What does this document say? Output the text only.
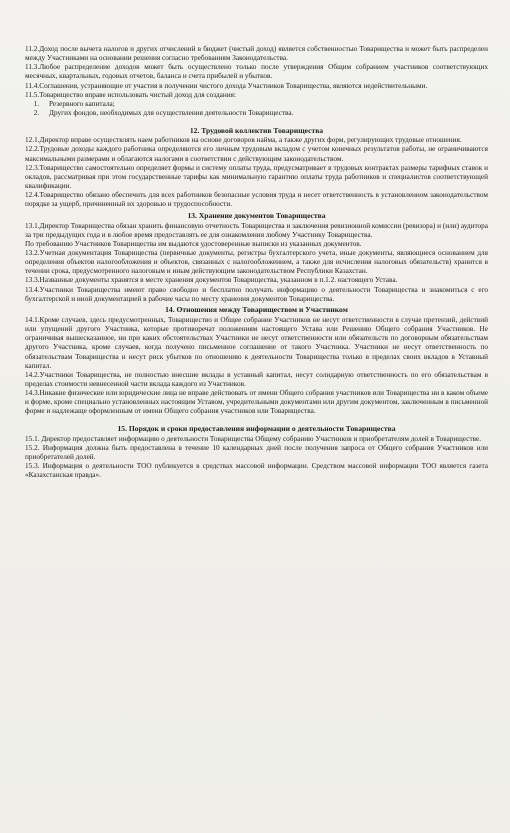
11.2.Доход после вычета налогов и других отчислений в бюджет (чистый доход) является собственностью Товарищества и может быть распределен между Участниками на основании решения согласно требованиям Законодательства.

11.3.Любое распределение доходов может быть осуществлено только после утверждения Общим собранием участников соответствующих месячных, квартальных, годовых отчетов, баланса и счета прибылей и убытков.

11.4.Соглашения, устраняющие от участия в получении чистого дохода Участников Товарищества, являются недействительными.

11.5.Товарищество вправе использовать чистый доход для создания:

1. Резервного капитала;
2. Других фондов, необходимых для осуществления деятельности Товарищества.
12. Трудовой коллектив Товарищества

12.1.Директор вправе осуществлять наем работников на основе договоров найма, а также других форм, регулирующих трудовые отношения.

12.2.Трудовые доходы каждого работника определяются его личным трудовым вкладом с учетом конечных результатов работы, не ограничиваются максимальными размерами и облагаются налогами в соответствии с действующим законодательством.

12.3.Товарищество самостоятельно определяет формы и систему оплаты труда, предусматривает в трудовых контрактах размеры тарифных ставок и окладов, рассматривая при этом государственные тарифы как минимальную гарантию оплаты труда работников и специалистов соответствующей квалификации.

12.4.Товарищество обязано обеспечить для всех работников безопасные условия труда и несет ответственность в установленном законодательством порядке за ущерб, причиненный их здоровью и трудоспособности.

13. Хранение документов Товарищества

13.1.Директор Товарищества обязан хранить финансовую отчетность Товарищества и заключения ревизионной комиссии (ревизора) и (или) аудитора за три предыдущих года и в любое время предоставлять ее для ознакомления любому Участнику Товарищества.

По требованию Участников Товарищества им выдаются удостоверенные выписки из указанных документов.

13.2.Учетная документация Товарищества (первичные документы, регистры бухгалтерского учета, иные документы, являющиеся основанием для определения объектов налогообложения и объектов, связанных с налогообложением, а также для исчисления налоговых обязательств) хранится в течении срока, предусмотренного налоговым и иным действующим законодательством Республики Казахстан.

13.3.Названные документы хранятся в месте хранения документов Товарищества, указанном в п.1.2. настоящего Устава.

13.4.Участники Товарищества имеют право свободно и бесплатно получать информацию о деятельности Товарищества и знакомиться с его бухгалтерской и иной документацией в рабочие часы по месту хранения документов Товарищества.

14. Отношения между Товариществом и Участником

14.1.Кроме случаев, здесь предусмотренных, Товарищество и Общее собрание Участников не несут ответственности в случае претензий, действий или упущений другого Участника, которые противоречат положениям настоящего Устава или Решению Общего собрания Участников. Не ограничивая вышесказанное, ни при каких обстоятельствах Участники не несут ответственности или обязательств по договорным обязательствам другого Участника, кроме случаев, когда получено письменное соглашение от такого Участника. Участники не несут ответственность по обязательствам Товарищества и несут риск убытков по отношению к деятельности Товарищества только в пределах своих вкладов в Уставный капитал.

14.2.Участники Товарищества, не полностью внесшие вклады в уставный капитал, несут солидарную ответственность по его обязательствам в пределах стоимости невнесенной части вклада каждого из Участников.

14.3.Никакие физические или юридические лица не вправе действовать от имени Общего собрания участников или Товарищества ни в каком объеме и форме, кроме специально установленных настоящим Уставом, учредительными документами или другим документом, заключенным в письменной форме и надлежаще оформленным от имени Общего собрания участников или Товарищества.

15. Порядок и сроки предоставления информации о деятельности Товарищества

15.1. Директор предоставляет информацию о деятельности Товарищества Общему собранию Участников и приобретателям долей в Товариществе.

15.2. Информация должна быть предоставлена в течение 10 календарных дней после получения запроса от Общего собрания Участников или приобретателей долей.

15.3. Информация о деятельности ТОО публикуется в средствах массовой информации. Средством массовой информации ТОО является газета «Казахстанская правда».
